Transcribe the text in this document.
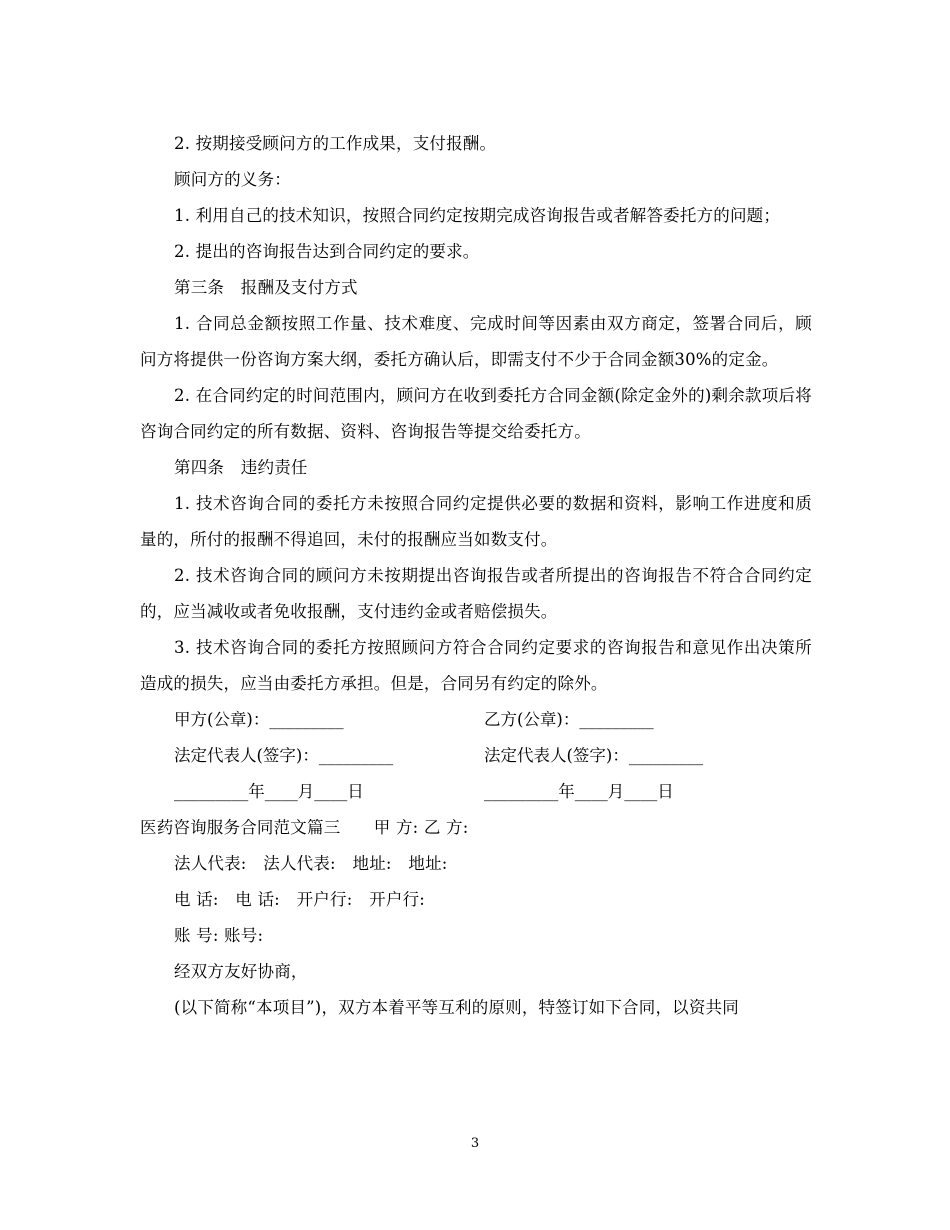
2. 按期接受顾问方的工作成果，支付报酬。

顾问方的义务：

1. 利用自己的技术知识，按照合同约定按期完成咨询报告或者解答委托方的问题；

2. 提出的咨询报告达到合同约定的要求。

第三条　报酬及支付方式

1. 合同总金额按照工作量、技术难度、完成时间等因素由双方商定，签署合同后，顾问方将提供一份咨询方案大纲，委托方确认后，即需支付不少于合同金额30%的定金。

2. 在合同约定的时间范围内，顾问方在收到委托方合同金额(除定金外的)剩余款项后将咨询合同约定的所有数据、资料、咨询报告等提交给委托方。

第四条　违约责任

1. 技术咨询合同的委托方未按照合同约定提供必要的数据和资料，影响工作进度和质量的，所付的报酬不得追回，未付的报酬应当如数支付。

2. 技术咨询合同的顾问方未按期提出咨询报告或者所提出的咨询报告不符合合同约定的，应当减收或者免收报酬，支付违约金或者赔偿损失。

3. 技术咨询合同的委托方按照顾问方符合合同约定要求的咨询报告和意见作出决策所造成的损失，应当由委托方承担。但是，合同另有约定的除外。

甲方(公章)：_________	乙方(公章)：_________
法定代表人(签字)：_________	法定代表人(签字)：_________
_________年____月____日	_________年____月____日

医药咨询服务合同范文篇三　　甲 方: 乙 方:

法人代表:　法人代表:　地址:　地址:

电 话:　电 话:　开户行:　开户行:

账 号: 账号:

经双方友好协商，

(以下简称“本项目”)，双方本着平等互利的原则，特签订如下合同，以资共同

3
